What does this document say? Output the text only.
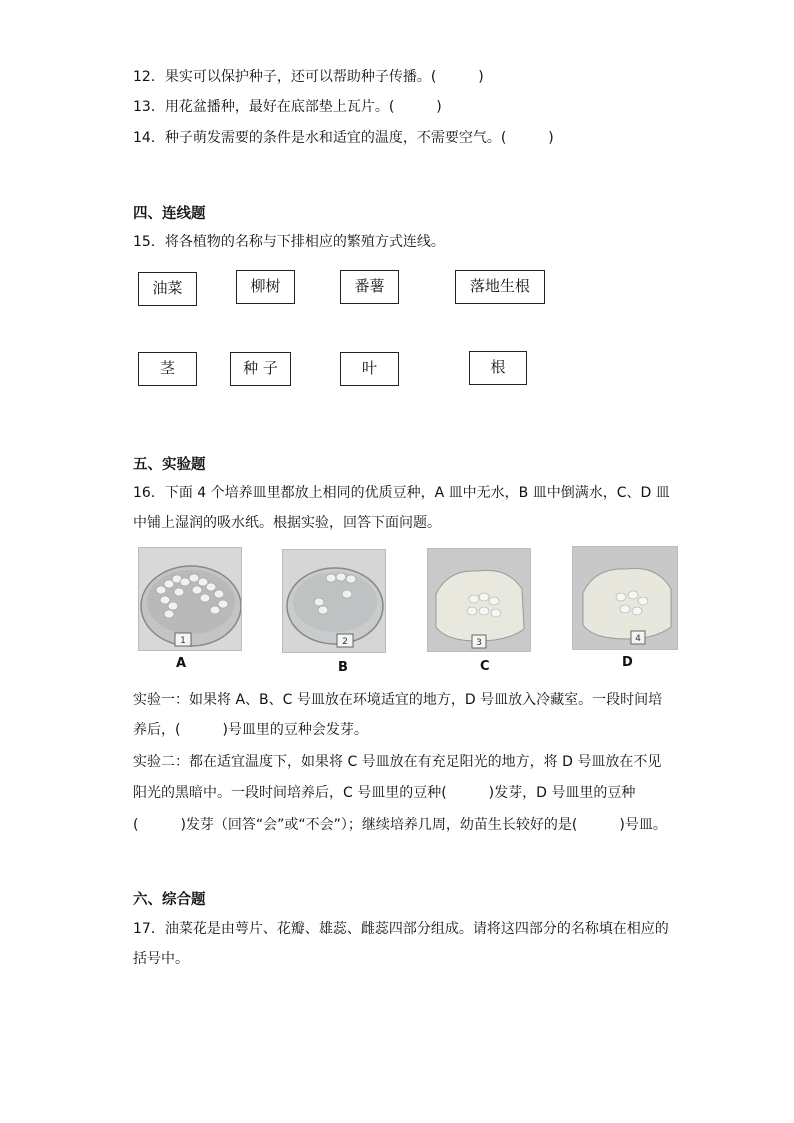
12．果实可以保护种子，还可以帮助种子传播。(　　　)
13．用花盆播种，最好在底部垫上瓦片。(　　　)
14．种子萌发需要的条件是水和适宜的温度，不需要空气。(　　　)
四、连线题
15．将各植物的名称与下排相应的繁殖方式连线。
油菜	柳树	番薯	落地生根
茎	种 子	叶	根
五、实验题
16．下面 4 个培养皿里都放上相同的优质豆种，A 皿中无水，B 皿中倒满水，C、D 皿
中铺上湿润的吸水纸。根据实验，回答下面问题。
1	2	3	4
A	B	C	D
实验一：如果将 A、B、C 号皿放在环境适宜的地方，D 号皿放入冷藏室。一段时间培
养后，(　　　)号皿里的豆种会发芽。
实验二：都在适宜温度下，如果将 C 号皿放在有充足阳光的地方，将 D 号皿放在不见
阳光的黑暗中。一段时间培养后，C 号皿里的豆种(　　　)发芽，D 号皿里的豆种
(　　　)发芽（回答“会”或“不会”）；继续培养几周，幼苗生长较好的是(　　　)号皿。
六、综合题
17．油菜花是由萼片、花瓣、雄蕊、雌蕊四部分组成。请将这四部分的名称填在相应的
括号中。
